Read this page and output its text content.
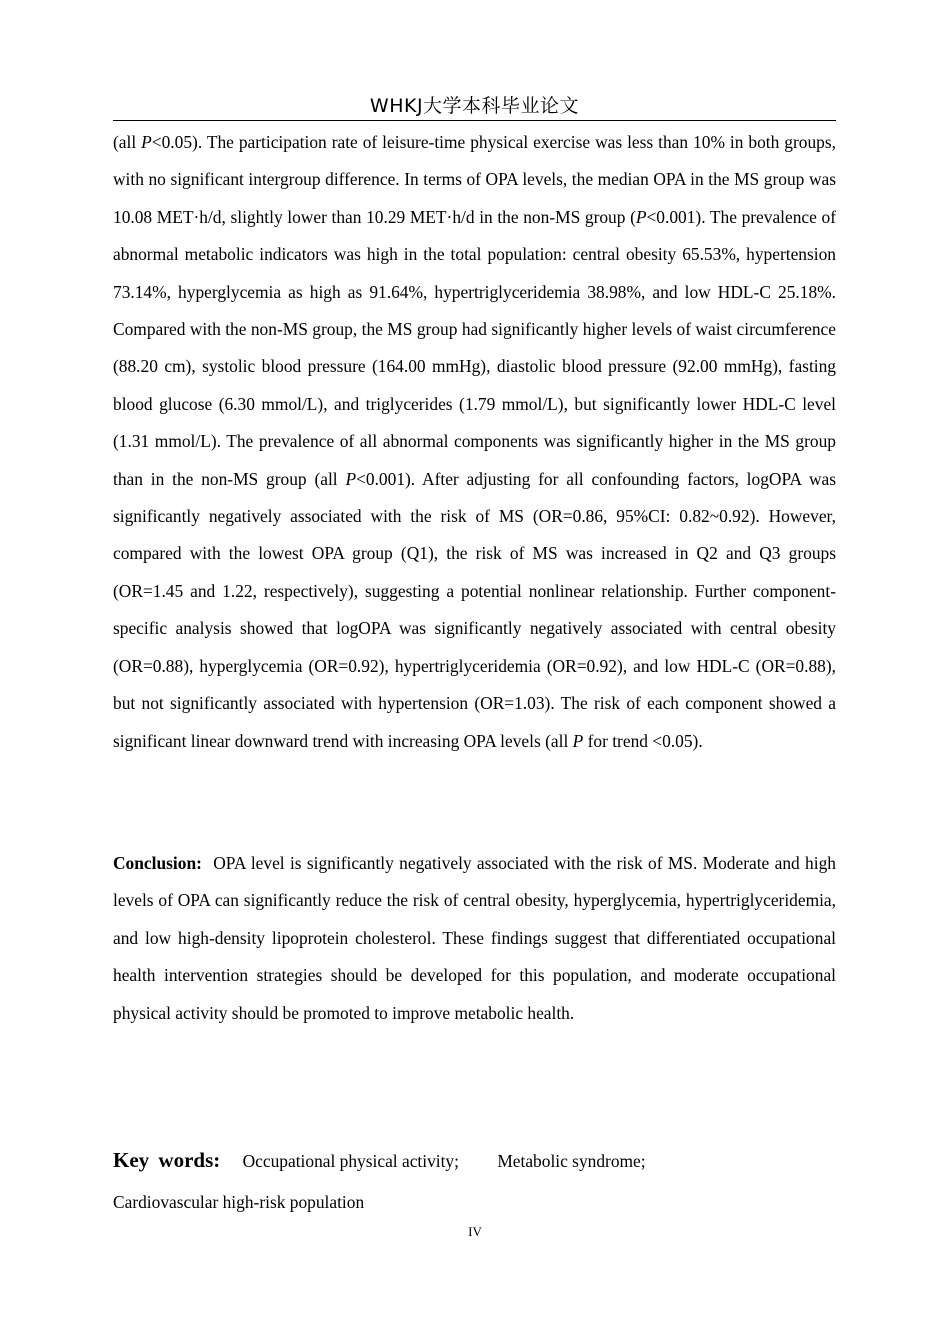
WHKJ大学本科毕业论文

(all P<0.05). The participation rate of leisure-time physical exercise was less than 10% in both groups, with no significant intergroup difference. In terms of OPA levels, the median OPA in the MS group was 10.08 MET·h/d, slightly lower than 10.29 MET·h/d in the non-MS group (P<0.001). The prevalence of abnormal metabolic indicators was high in the total population: central obesity 65.53%, hypertension 73.14%, hyperglycemia as high as 91.64%, hypertriglyceridemia 38.98%, and low HDL-C 25.18%. Compared with the non-MS group, the MS group had significantly higher levels of waist circumference (88.20 cm), systolic blood pressure (164.00 mmHg), diastolic blood pressure (92.00 mmHg), fasting blood glucose (6.30 mmol/L), and triglycerides (1.79 mmol/L), but significantly lower HDL-C level (1.31 mmol/L). The prevalence of all abnormal components was significantly higher in the MS group than in the non-MS group (all P<0.001). After adjusting for all confounding factors, logOPA was significantly negatively associated with the risk of MS (OR=0.86, 95%CI: 0.82~0.92). However, compared with the lowest OPA group (Q1), the risk of MS was increased in Q2 and Q3 groups (OR=1.45 and 1.22, respectively), suggesting a potential nonlinear relationship. Further component-specific analysis showed that logOPA was significantly negatively associated with central obesity (OR=0.88), hyperglycemia (OR=0.92), hypertriglyceridemia (OR=0.92), and low HDL-C (OR=0.88), but not significantly associated with hypertension (OR=1.03). The risk of each component showed a significant linear downward trend with increasing OPA levels (all P for trend <0.05).

Conclusion: OPA level is significantly negatively associated with the risk of MS. Moderate and high levels of OPA can significantly reduce the risk of central obesity, hyperglycemia, hypertriglyceridemia, and low high-density lipoprotein cholesterol. These findings suggest that differentiated occupational health intervention strategies should be developed for this population, and moderate occupational physical activity should be promoted to improve metabolic health.

Key words: Occupational physical activity; Metabolic syndrome;
Cardiovascular high-risk population
IV
